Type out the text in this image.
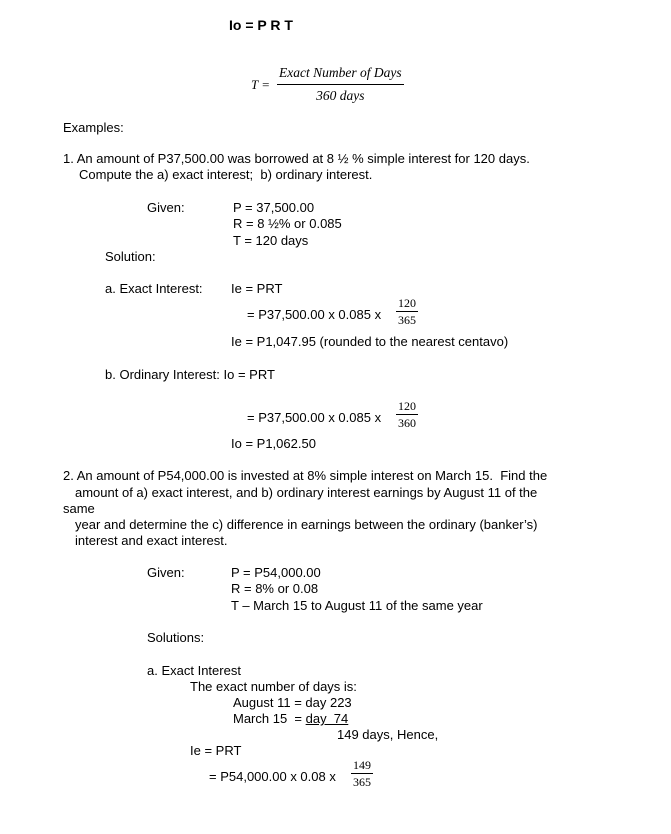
Io = P R T
T =
Exact Number of Days
360 days
Examples:
1. An amount of P37,500.00 was borrowed at 8 ½ % simple interest for 120 days.
Compute the a) exact interest;  b) ordinary interest.
Given:	P = 37,500.00
R = 8 ½% or 0.085
T = 120 days
Solution:
a. Exact Interest: Ie = PRT
= P37,500.00 x 0.085 x $\frac{120}{365}$
Ie = P1,047.95 (rounded to the nearest centavo)
b. Ordinary Interest: Io = PRT
= P37,500.00 x 0.085 x $\frac{120}{360}$
Io = P1,062.50
2. An amount of P54,000.00 is invested at 8% simple interest on March 15.  Find the
amount of a) exact interest, and b) ordinary interest earnings by August 11 of the
same
year and determine the c) difference in earnings between the ordinary (banker’s)
interest and exact interest.
Given:	P = P54,000.00
R = 8% or 0.08
T – March 15 to August 11 of the same year
Solutions:
a. Exact Interest
The exact number of days is:
August 11 = day 223
March 15  = day  74
149 days, Hence,
Ie = PRT
= P54,000.00 x 0.08 x $\frac{149}{365}$
